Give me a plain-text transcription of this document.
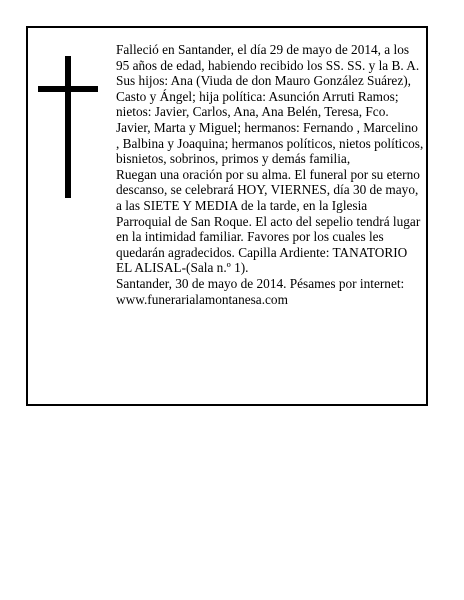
Falleció en Santander, el día 29 de mayo de 2014, a los 95 años de edad, habiendo recibido los SS. SS. y la B. A.

Sus hijos: Ana (Viuda de don Mauro González Suárez), Casto y Ángel; hija política: Asunción Arruti Ramos; nietos: Javier, Carlos, Ana, Ana Belén, Teresa, Fco. Javier, Marta y Miguel; hermanos: Fernando , Marcelino , Balbina y Joaquina; hermanos políticos, nietos políticos, bisnietos, sobrinos, primos y demás familia,

Ruegan una oración por su alma. El funeral por su eterno descanso, se celebrará HOY, VIERNES, día 30 de mayo, a las SIETE Y MEDIA de la tarde, en la Iglesia Parroquial de San Roque. El acto del sepelio tendrá lugar en la intimidad familiar. Favores por los cuales les quedarán agradecidos. Capilla Ardiente: TANATORIO EL ALISAL-(Sala n.º 1).

Santander, 30 de mayo de 2014. Pésames por internet: www.funerarialamontanesa.com
